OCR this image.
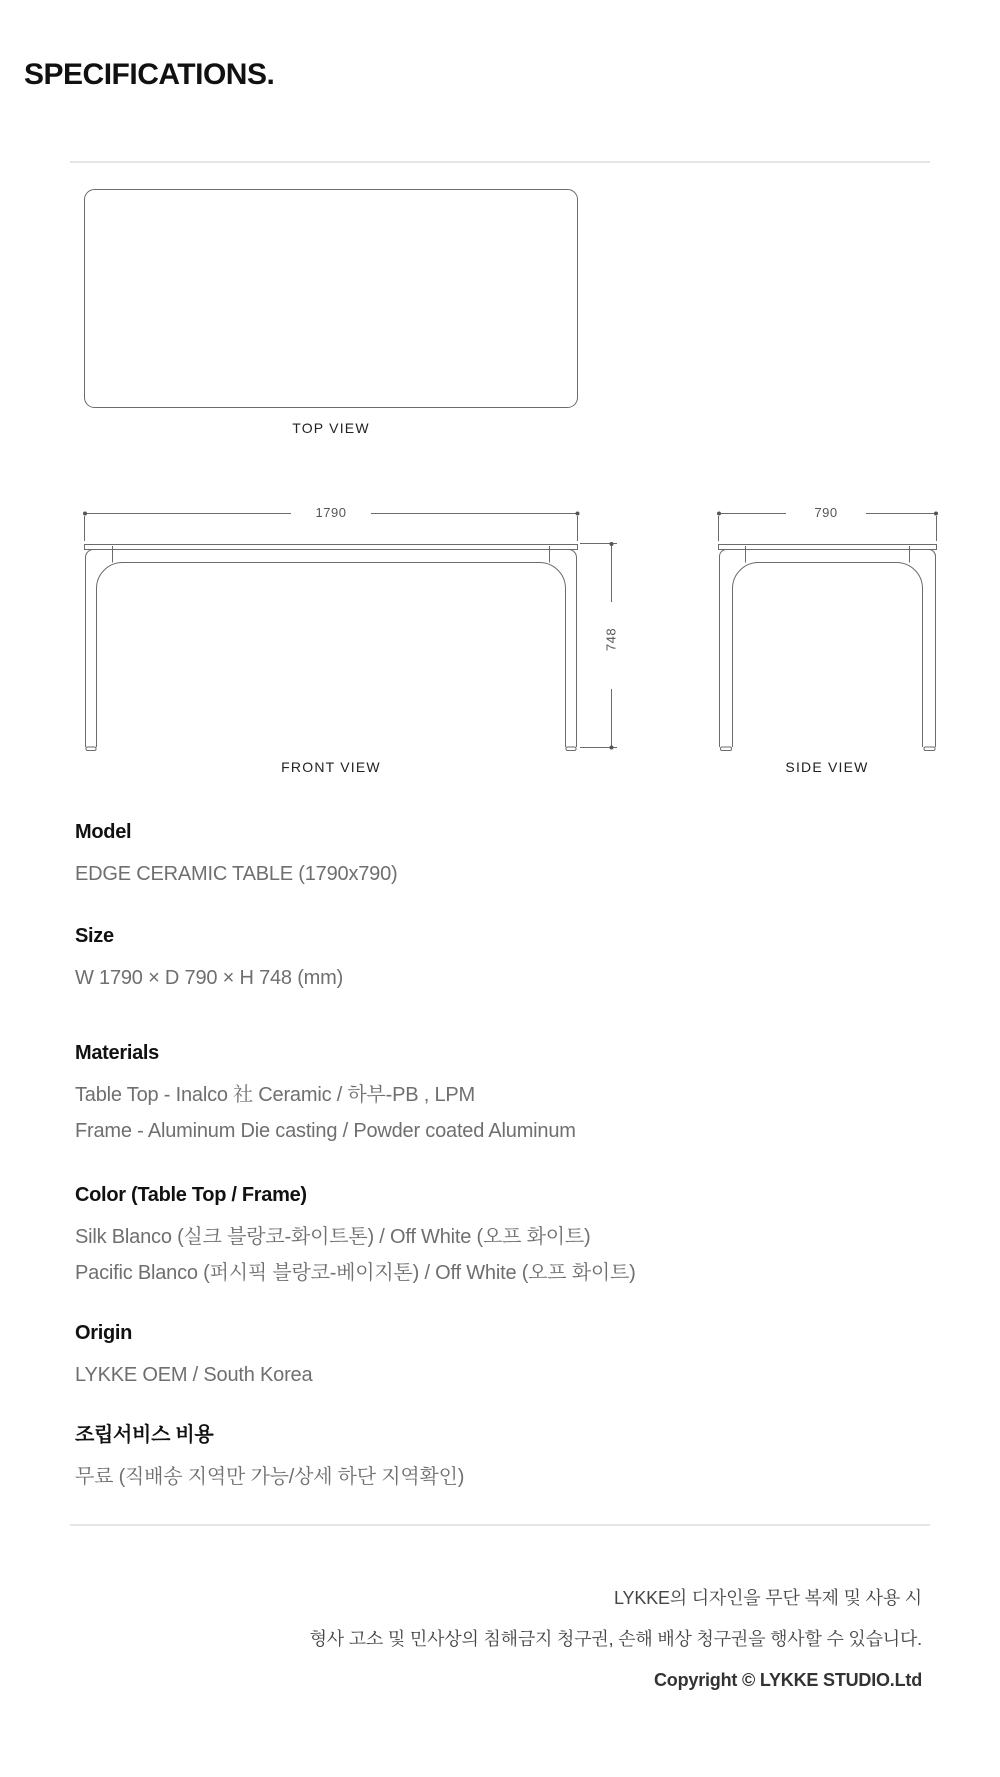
SPECIFICATIONS.
1790	790
748
TOP VIEW
FRONT VIEW	SIDE VIEW
Model
EDGE CERAMIC TABLE (1790x790)
Size
W 1790 × D 790 × H 748 (mm)
Materials
Table Top - Inalco 社 Ceramic / 하부-PB , LPM
Frame - Aluminum Die casting / Powder coated Aluminum
Color (Table Top / Frame)
Silk Blanco (실크 블랑코-화이트톤) / Off White (오프 화이트)
Pacific Blanco (퍼시픽 블랑코-베이지톤) / Off White (오프 화이트)
Origin
LYKKE OEM / South Korea
조립서비스 비용
무료 (직배송 지역만 가능/상세 하단 지역확인)
LYKKE의 디자인을 무단 복제 및 사용 시
형사 고소 및 민사상의 침해금지 청구권, 손해 배상 청구권을 행사할 수 있습니다.
Copyright © LYKKE STUDIO.Ltd
